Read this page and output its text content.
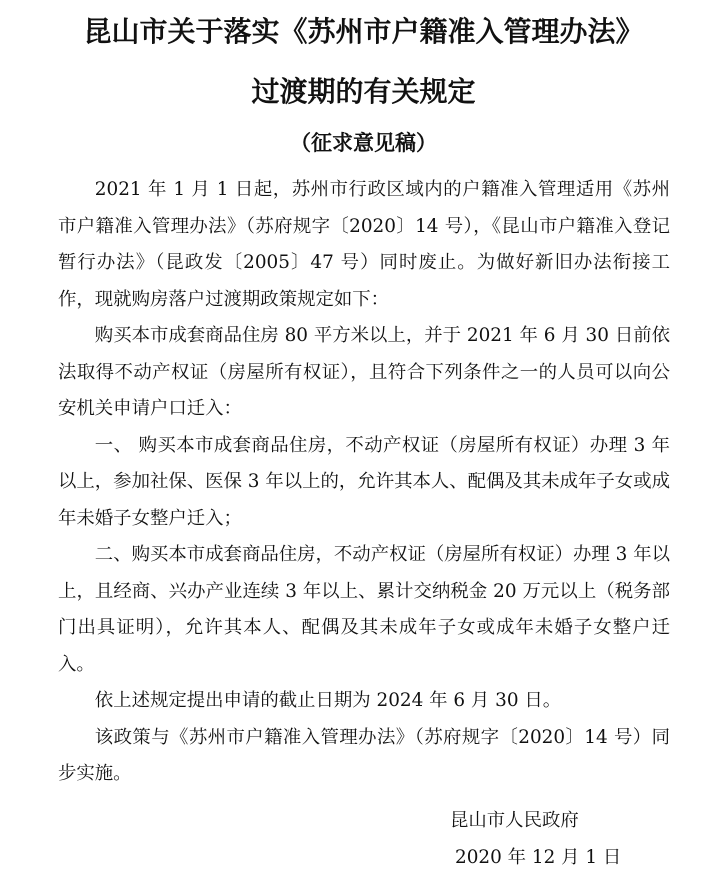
昆山市关于落实《苏州市户籍准入管理办法》
过渡期的有关规定
（征求意见稿）

2021 年 1 月 1 日起，苏州市行政区域内的户籍准入管理适用《苏州市户籍准入管理办法》（苏府规字〔2020〕14 号），《昆山市户籍准入登记暂行办法》（昆政发〔2005〕47 号）同时废止。为做好新旧办法衔接工作，现就购房落户过渡期政策规定如下：

购买本市成套商品住房 80 平方米以上，并于 2021 年 6 月 30 日前依法取得不动产权证（房屋所有权证），且符合下列条件之一的人员可以向公安机关申请户口迁入：

一、 购买本市成套商品住房，不动产权证（房屋所有权证）办理 3 年以上，参加社保、医保 3 年以上的，允许其本人、配偶及其未成年子女或成年未婚子女整户迁入；

二、购买本市成套商品住房，不动产权证（房屋所有权证）办理 3 年以上，且经商、兴办产业连续 3 年以上、累计交纳税金 20 万元以上（税务部门出具证明），允许其本人、配偶及其未成年子女或成年未婚子女整户迁入。

依上述规定提出申请的截止日期为 2024 年 6 月 30 日。

该政策与《苏州市户籍准入管理办法》（苏府规字〔2020〕14 号）同步实施。

昆山市人民政府
2020 年 12 月 1 日
